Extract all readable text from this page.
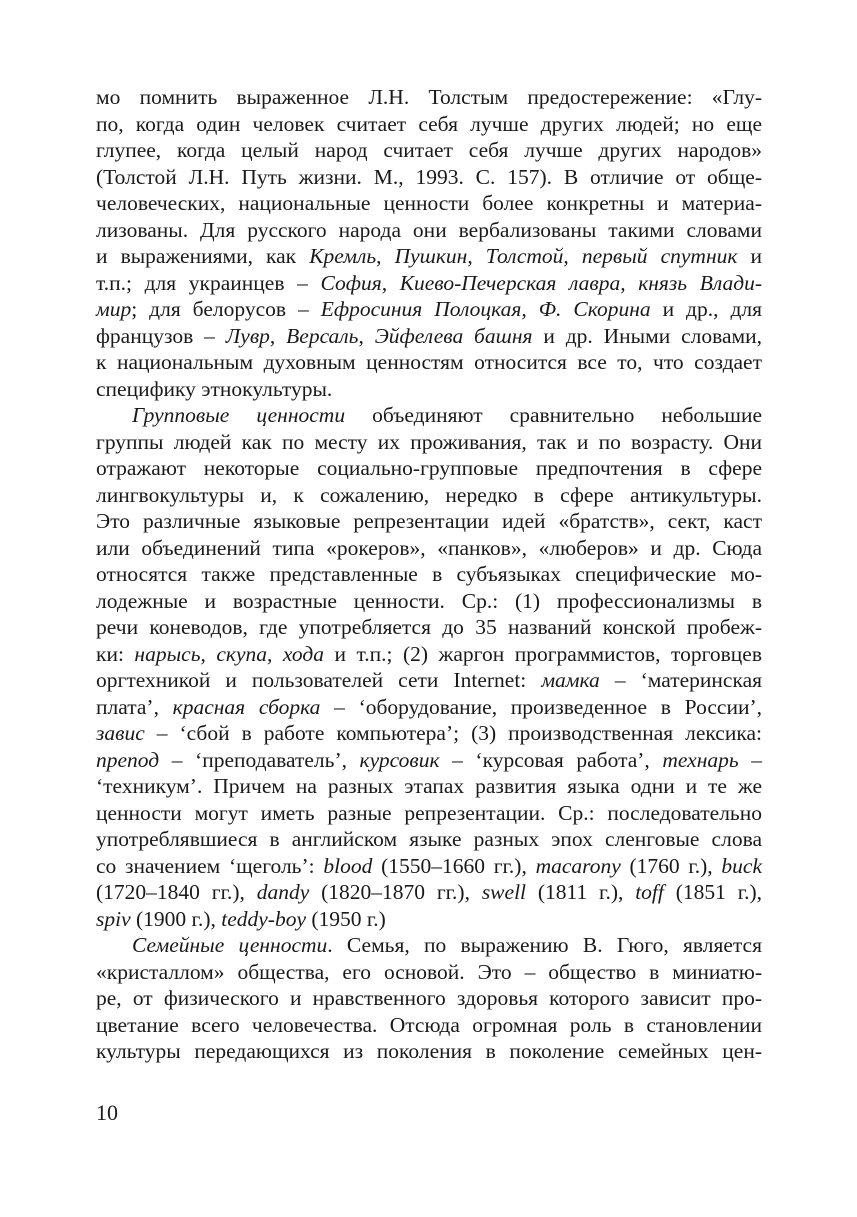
мо помнить выраженное Л.Н. Толстым предостережение: «Глу-
по, когда один человек считает себя лучше других людей; но еще
глупее, когда целый народ считает себя лучше других народов»
(Толстой Л.Н. Путь жизни. М., 1993. С. 157). В отличие от обще-
человеческих, национальные ценности более конкретны и материа-
лизованы. Для русского народа они вербализованы такими словами
и выражениями, как Кремль, Пушкин, Толстой, первый спутник и
т.п.; для украинцев – София, Киево-Печерская лавра, князь Влади-
мир; для белорусов – Ефросиния Полоцкая, Ф. Скорина и др., для
французов – Лувр, Версаль, Эйфелева башня и др. Иными словами,
к национальным духовным ценностям относится все то, что создает
специфику этнокультуры.
Групповые ценности объединяют сравнительно небольшие
группы людей как по месту их проживания, так и по возрасту. Они
отражают некоторые социально-групповые предпочтения в сфере
лингвокультуры и, к сожалению, нередко в сфере антикультуры.
Это различные языковые репрезентации идей «братств», сект, каст
или объединений типа «рокеров», «панков», «люберов» и др. Сюда
относятся также представленные в субъязыках специфические мо-
лодежные и возрастные ценности. Ср.: (1) профессионализмы в
речи коневодов, где употребляется до 35 названий конской пробеж-
ки: нарысь, скупа, хода и т.п.; (2) жаргон программистов, торговцев
оргтехникой и пользователей сети Internet: мамка – ‘материнская
плата’, красная сборка – ‘оборудование, произведенное в России’,
завис – ‘сбой в работе компьютера’; (3) производственная лексика:
препод – ‘преподаватель’, курсовик – ‘курсовая работа’, технарь –
‘техникум’. Причем на разных этапах развития языка одни и те же
ценности могут иметь разные репрезентации. Ср.: последовательно
употреблявшиеся в английском языке разных эпох сленговые слова
со значением ‘щеголь’: blood (1550–1660 гг.), macarony (1760 г.), buck
(1720–1840 гг.), dandy (1820–1870 гг.), swell (1811 г.), toff (1851 г.),
spiv (1900 г.), teddy-boy (1950 г.)
Семейные ценности. Семья, по выражению В. Гюго, является
«кристаллом» общества, его основой. Это – общество в миниатю-
ре, от физического и нравственного здоровья которого зависит про-
цветание всего человечества. Отсюда огромная роль в становлении
культуры передающихся из поколения в поколение семейных цен-
10
